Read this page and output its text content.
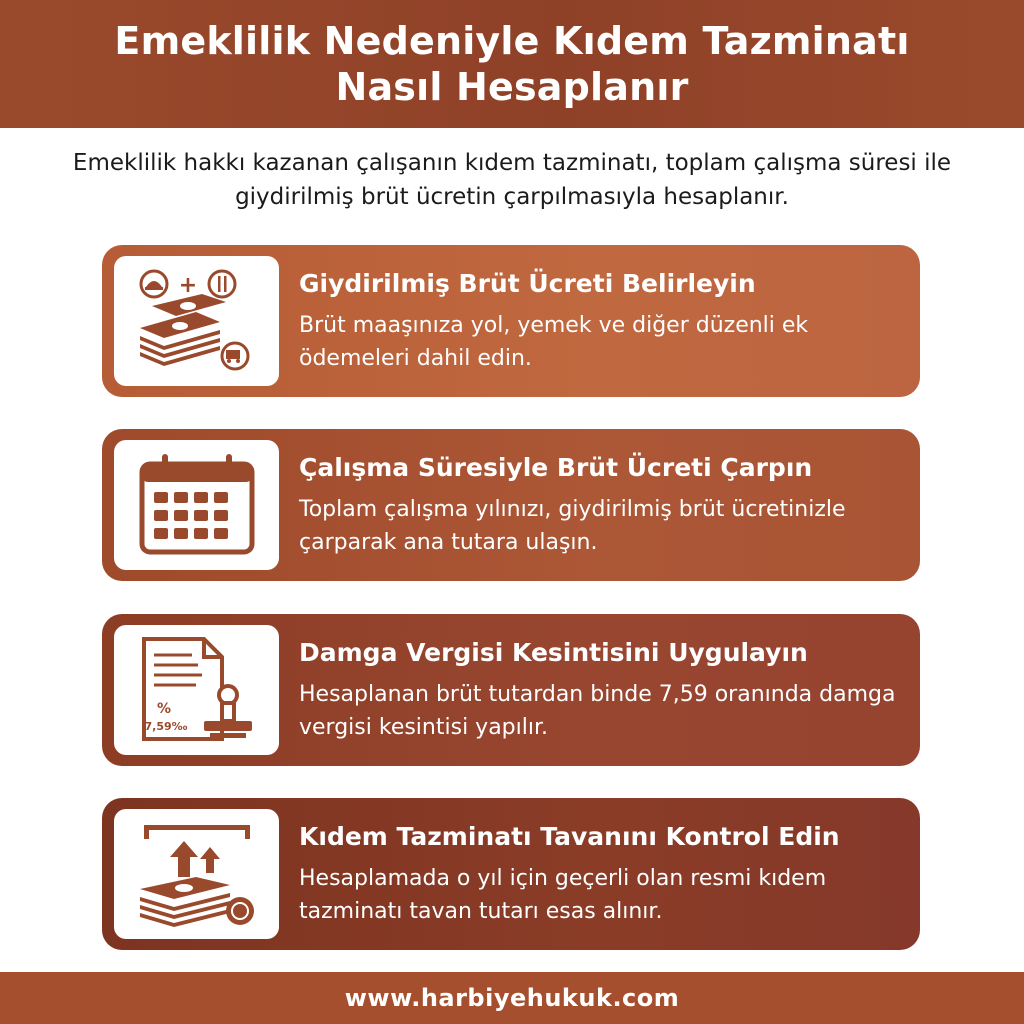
Emeklilik Nedeniyle Kıdem Tazminatı Nasıl Hesaplanır

Emeklilik hakkı kazanan çalışanın kıdem tazminatı, toplam çalışma süresi ile giydirilmiş brüt ücretin çarpılmasıyla hesaplanır.

+	Giydirilmiş Brüt Ücreti Belirleyin
Brüt maaşınıza yol, yemek ve diğer düzenli ek ödemeleri dahil edin.
Çalışma Süresiyle Brüt Ücreti Çarpın
Toplam çalışma yılınızı, giydirilmiş brüt ücretinizle çarparak ana tutara ulaşın.
%
7,59‰
Damga Vergisi Kesintisini Uygulayın
Hesaplanan brüt tutardan binde 7,59 oranında damga vergisi kesintisi yapılır.
Kıdem Tazminatı Tavanını Kontrol Edin
Hesaplamada o yıl için geçerli olan resmi kıdem tazminatı tavan tutarı esas alınır.
www.harbiyehukuk.com
